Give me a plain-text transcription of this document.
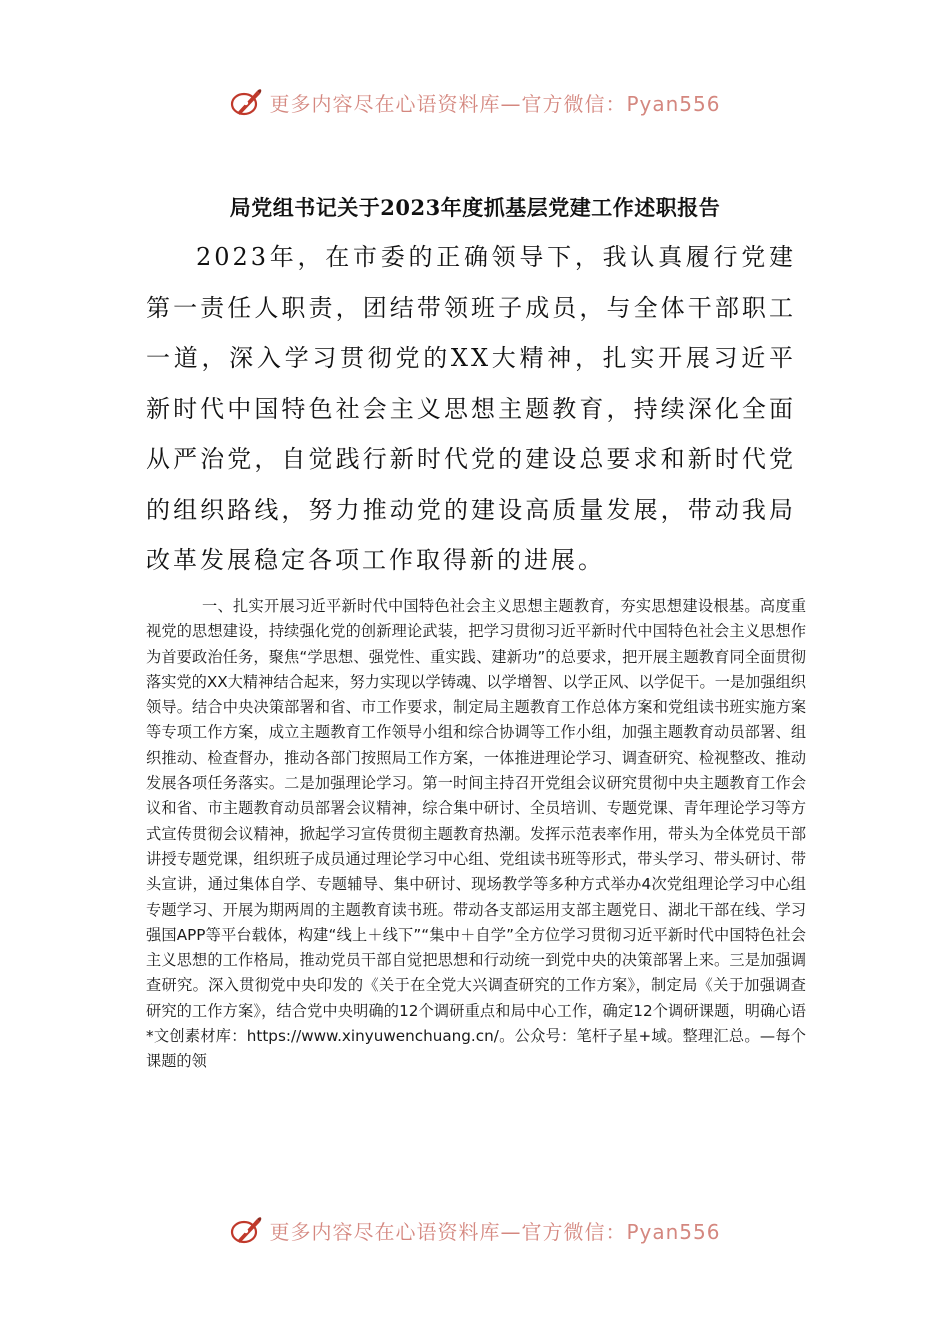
更多内容尽在心语资料库—官方微信：Pyan556
局党组书记关于2023年度抓基层党建工作述职报告

2023年，在市委的正确领导下，我认真履行党建第一责任人职责，团结带领班子成员，与全体干部职工一道，深入学习贯彻党的XX大精神，扎实开展习近平新时代中国特色社会主义思想主题教育，持续深化全面从严治党，自觉践行新时代党的建设总要求和新时代党的组织路线，努力推动党的建设高质量发展，带动我局改革发展稳定各项工作取得新的进展。

一、扎实开展习近平新时代中国特色社会主义思想主题教育，夯实思想建设根基。高度重视党的思想建设，持续强化党的创新理论武装，把学习贯彻习近平新时代中国特色社会主义思想作为首要政治任务，聚焦“学思想、强党性、重实践、建新功”的总要求，把开展主题教育同全面贯彻落实党的XX大精神结合起来，努力实现以学铸魂、以学增智、以学正风、以学促干。一是加强组织领导。结合中央决策部署和省、市工作要求，制定局主题教育工作总体方案和党组读书班实施方案等专项工作方案，成立主题教育工作领导小组和综合协调等工作小组，加强主题教育动员部署、组织推动、检查督办，推动各部门按照局工作方案，一体推进理论学习、调查研究、检视整改、推动发展各项任务落实。二是加强理论学习。第一时间主持召开党组会议研究贯彻中央主题教育工作会议和省、市主题教育动员部署会议精神，综合集中研讨、全员培训、专题党课、青年理论学习等方式宣传贯彻会议精神，掀起学习宣传贯彻主题教育热潮。发挥示范表率作用，带头为全体党员干部讲授专题党课，组织班子成员通过理论学习中心组、党组读书班等形式，带头学习、带头研讨、带头宣讲，通过集体自学、专题辅导、集中研讨、现场教学等多种方式举办4次党组理论学习中心组专题学习、开展为期两周的主题教育读书班。带动各支部运用支部主题党日、湖北干部在线、学习强国APP等平台载体，构建“线上＋线下”“集中＋自学”全方位学习贯彻习近平新时代中国特色社会主义思想的工作格局，推动党员干部自觉把思想和行动统一到党中央的决策部署上来。三是加强调查研究。深入贯彻党中央印发的《关于在全党大兴调查研究的工作方案》，制定局《关于加强调查研究的工作方案》，结合党中央明确的12个调研重点和局中心工作，确定12个调研课题，明确心语*文创素材库：https://www.xinyuwenchuang.cn/。公众号：笔杆子星+域。整理汇总。—每个课题的领

更多内容尽在心语资料库—官方微信：Pyan556
